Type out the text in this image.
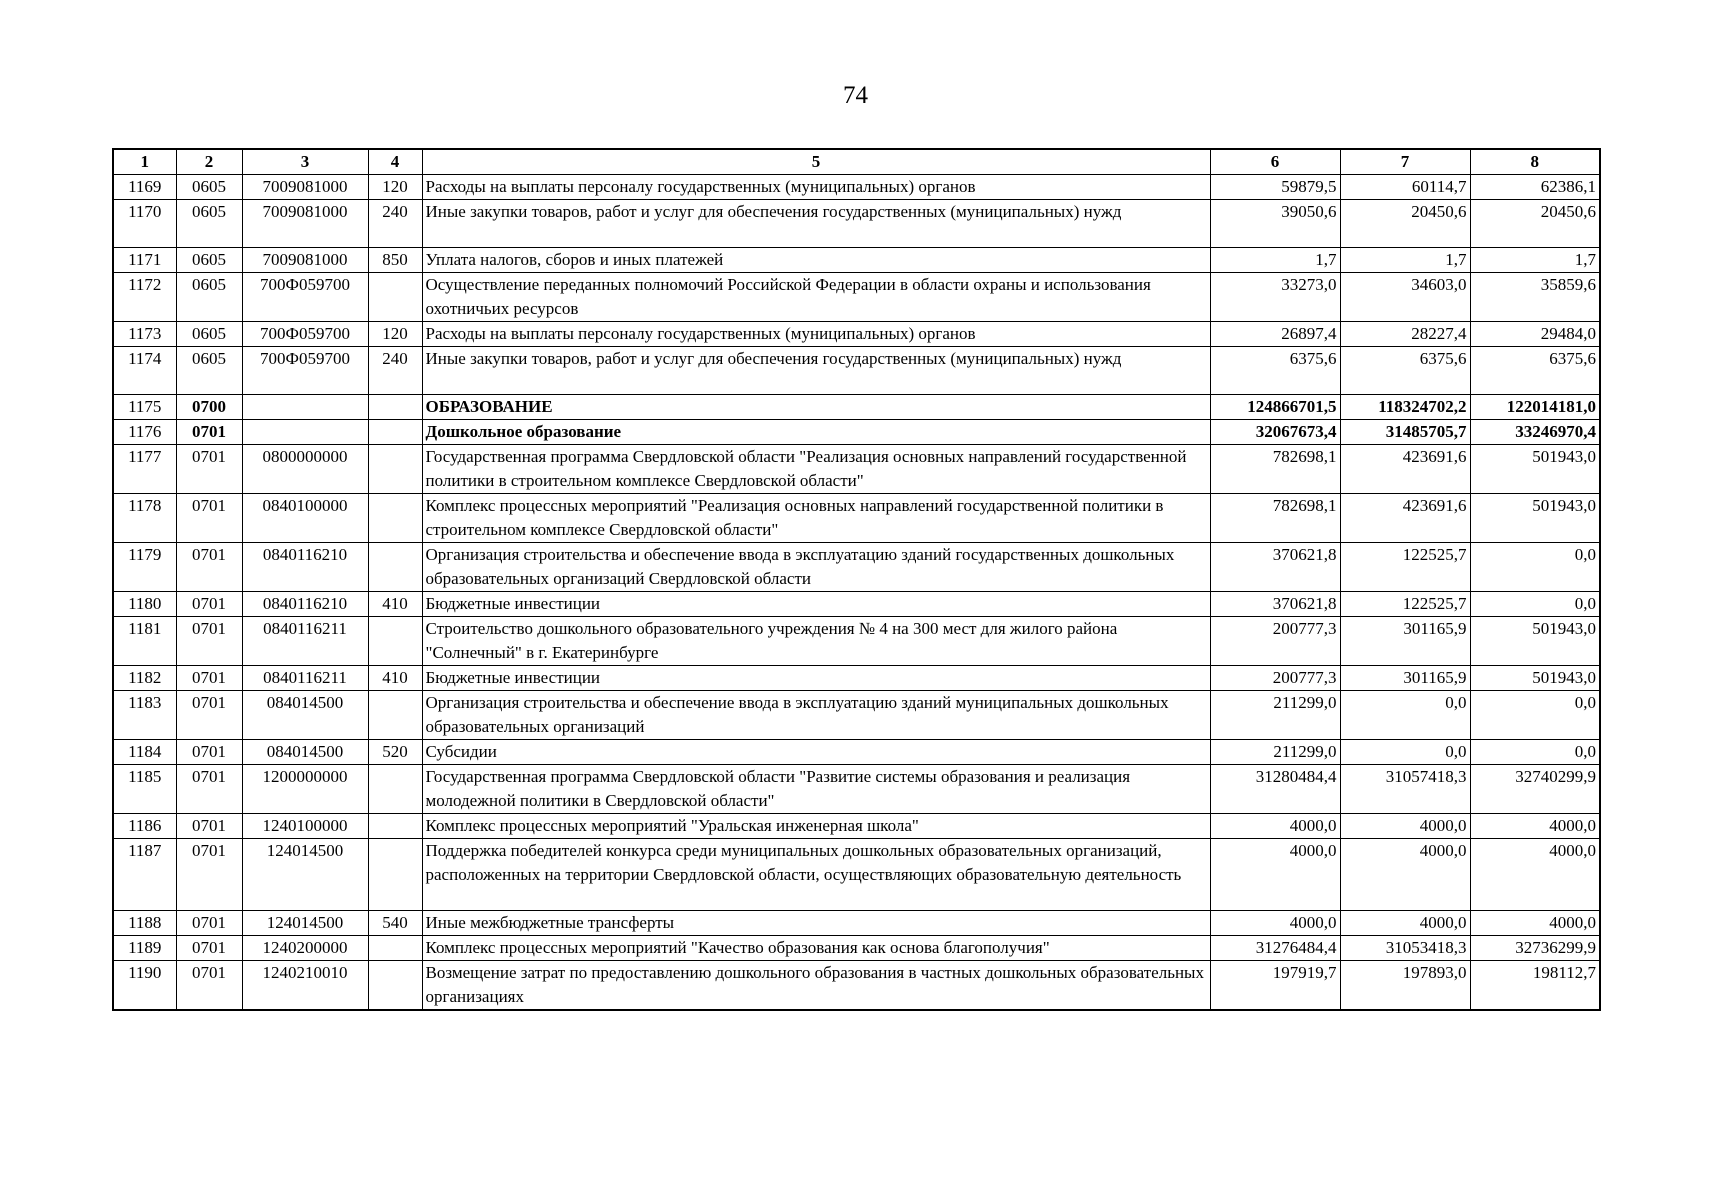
74
1	2	3	4	5	6	7	8
1169	0605	7009081000	120	Расходы на выплаты персоналу государственных (муниципальных) органов	59879,5	60114,7	62386,1
1170	0605	7009081000	240	Иные закупки товаров, работ и услуг для обеспечения государственных (муниципальных) нужд	39050,6	20450,6	20450,6
1171	0605	7009081000	850	Уплата налогов, сборов и иных платежей	1,7	1,7	1,7
1172	0605	700Ф059700		Осуществление переданных полномочий Российской Федерации в области охраны и использования охотничьих ресурсов	33273,0	34603,0	35859,6
1173	0605	700Ф059700	120	Расходы на выплаты персоналу государственных (муниципальных) органов	26897,4	28227,4	29484,0
1174	0605	700Ф059700	240	Иные закупки товаров, работ и услуг для обеспечения государственных (муниципальных) нужд	6375,6	6375,6	6375,6
1175	0700			ОБРАЗОВАНИЕ	124866701,5	118324702,2	122014181,0
1176	0701			Дошкольное образование	32067673,4	31485705,7	33246970,4
1177	0701	0800000000		Государственная программа Свердловской области "Реализация основных направлений государственной политики в строительном комплексе Свердловской области"	782698,1	423691,6	501943,0
1178	0701	0840100000		Комплекс процессных мероприятий "Реализация основных направлений государственной политики в строительном комплексе Свердловской области"	782698,1	423691,6	501943,0
1179	0701	0840116210		Организация строительства и обеспечение ввода в эксплуатацию зданий государственных дошкольных образовательных организаций Свердловской области	370621,8	122525,7	0,0
1180	0701	0840116210	410	Бюджетные инвестиции	370621,8	122525,7	0,0
1181	0701	0840116211		Строительство дошкольного образовательного учреждения № 4 на 300 мест для жилого района "Солнечный" в г. Екатеринбурге	200777,3	301165,9	501943,0
1182	0701	0840116211	410	Бюджетные инвестиции	200777,3	301165,9	501943,0
1183	0701	084014500		Организация строительства и обеспечение ввода в эксплуатацию зданий муниципальных дошкольных образовательных организаций	211299,0	0,0	0,0
1184	0701	084014500	520	Субсидии	211299,0	0,0	0,0
1185	0701	1200000000		Государственная программа Свердловской области "Развитие системы образования и реализация молодежной политики в Свердловской области"	31280484,4	31057418,3	32740299,9
1186	0701	1240100000		Комплекс процессных мероприятий "Уральская инженерная школа"	4000,0	4000,0	4000,0
1187	0701	124014500		Поддержка победителей конкурса среди муниципальных дошкольных образовательных организаций, расположенных на территории Свердловской области, осуществляющих образовательную деятельность	4000,0	4000,0	4000,0
1188	0701	124014500	540	Иные межбюджетные трансферты	4000,0	4000,0	4000,0
1189	0701	1240200000		Комплекс процессных мероприятий "Качество образования как основа благополучия"	31276484,4	31053418,3	32736299,9
1190	0701	1240210010		Возмещение затрат по предоставлению дошкольного образования в частных дошкольных образовательных организациях	197919,7	197893,0	198112,7
